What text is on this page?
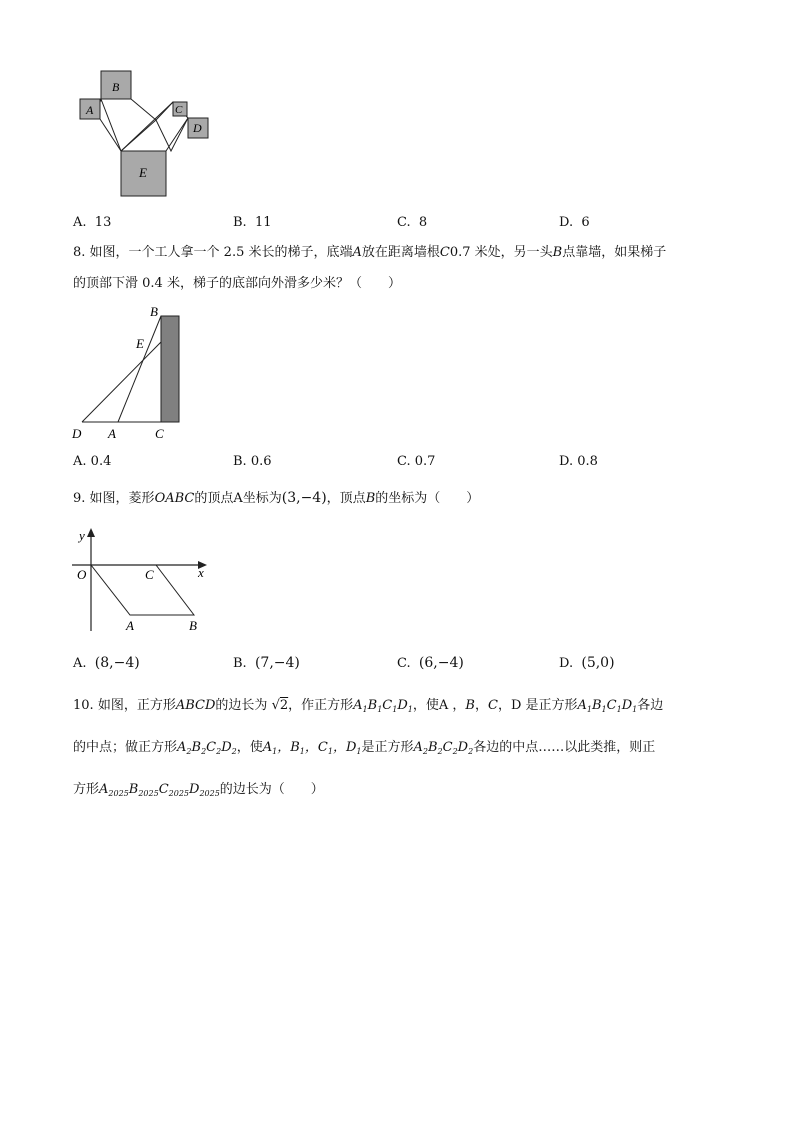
B
A	C
D
E
A. 13	B. 11	C. 8	D. 6
8. 如图，一个工人拿一个 2.5 米长的梯子，底端A放在距离墙根C0.7 米处，另一头B点靠墙，如果梯子
的顶部下滑 0.4 米，梯子的底部向外滑多少米？（　　）
B
E
D A	C
A. 0.4	B. 0.6	C. 0.7	D. 0.8
9. 如图，菱形OABC的顶点A坐标为(3,−4)，顶点B的坐标为（　　）
y
x
O	C
A	B
A. (8,−4)	B. (7,−4)	C. (6,−4)	D. (5,0)
10. 如图，正方形ABCD的边长为 √2，作正方形$A_1B_1C_1D_1$，使A ，B，C，D 是正方形$A_1B_1C_1D_1$各边
的中点；做正方形$A_2B_2C_2D_2$，使$A_1$，$B_1$，$C_1$，$D_1$是正方形$A_2B_2C_2D_2$各边的中点……以此类推，则正
方形$A_{2025}B_{2025}C_{2025}D_{2025}$的边长为（　　）
